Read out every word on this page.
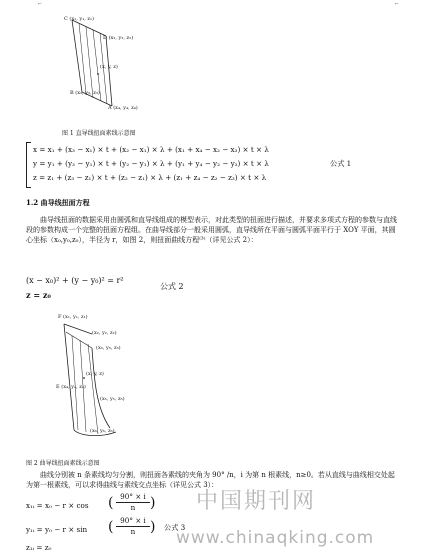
⌐	⌐
C (x₁, y₁, z₁)
D (x₂, y₂, z₂)
(x, y, z)
B (x₃, y₃, z₃)
A (x₄, y₄, z₄)
图 1 直导线扭面素线示意图
x = x₁ + (x₃ − x₁) × t + (x₂ − x₁) × λ + (x₁ + x₄ − x₂ − x₃) × t × λ
y = y₁ + (y₃ − y₁) × t + (y₂ − y₁) × λ + (y₁ + y₄ − y₂ − y₃) × t × λ
z = z₁ + (z₃ − z₁) × t + (z₂ − z₁) × λ + (z₁ + z₄ − z₂ − z₃) × t × λ
公式 1
1.2 曲导线扭面方程
曲导线扭面的数据采用由圆弧和直导线组成的模型表示，对此类型的扭面进行描述，并要求多项式方程的参数与直线段的参数构成一个完整的扭面方程组。在曲导线部分一般采用圆弧，直导线所在平面与圆弧平面平行于 XOY 平面，其圆心坐标（x₀,y₀,z₀），半径为 r，如图 2，则扭面曲线方程⁽³⁾（详见公式 2）：
(x − x₀)² + (y − y₀)² = r²
公式 2
z = z₀
F (x₁, y₁, z₁)
(x₂, y₂, z₂)
(x₃, y₃, z₃)
(x, y, z)
E (x₄, y₄, z₄)
(x₅, y₅, z₅)
(x₆, y₆, z₆)
图 2 曲导线扭面素线示意图
曲线分别被 n 条素线均匀分割，则扭面各素线的夹角为 90° /n，i 为第 n 根素线，n≥0。若从直线与曲线相交处起为第一根素线，可以求得曲线与素线交点坐标（详见公式 3）：
x₁ᵢ = x₀ − r × cos ( 90° × i
n	)
y₁ᵢ = y₀ − r × sin ( 90° × i
n	) 公式 3
z₁ᵢ = z₀
中国期刊网
www.chinaqking.com
